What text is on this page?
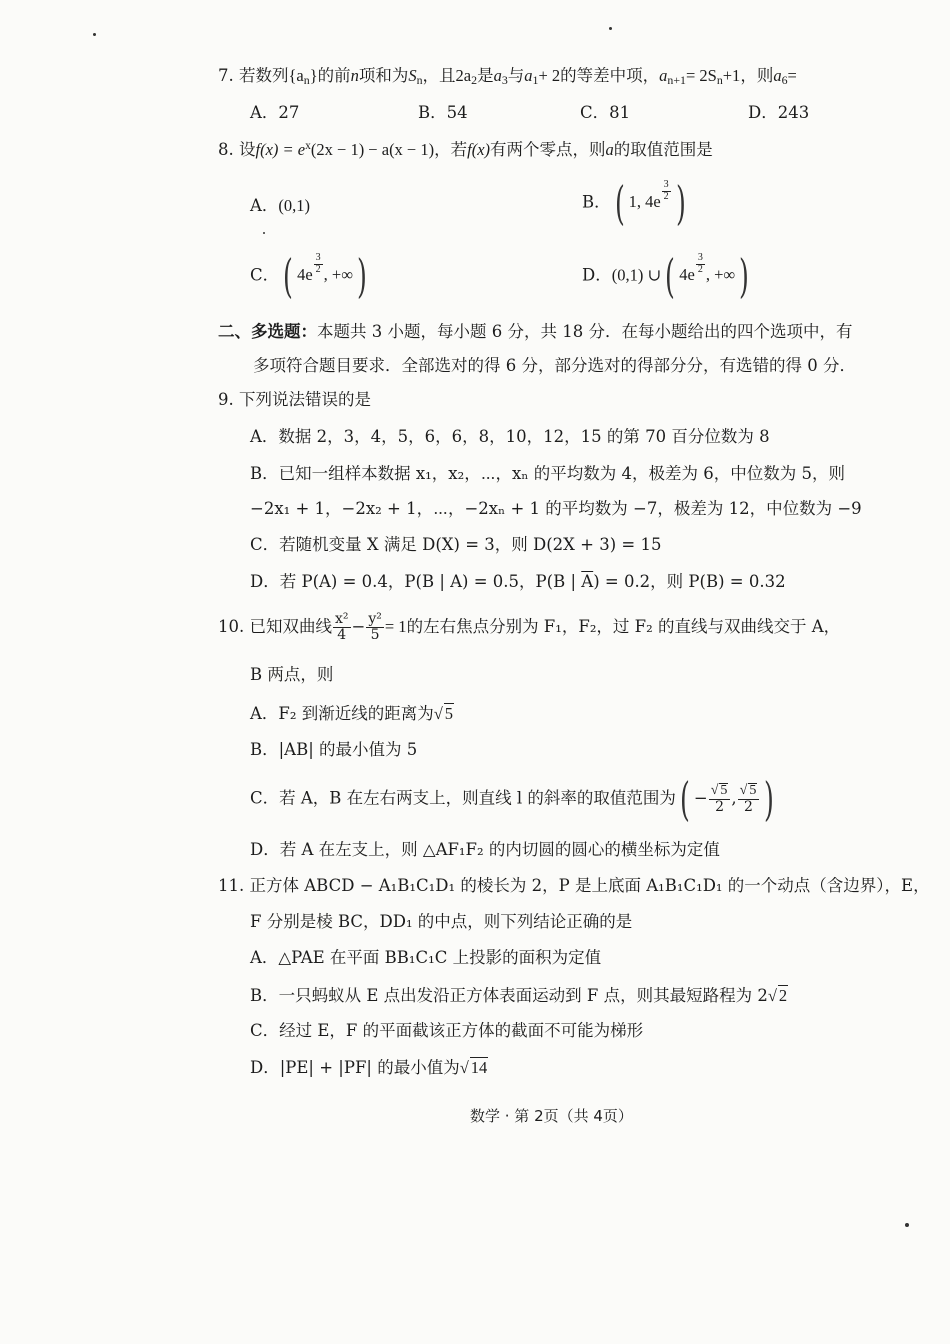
7. 若数列{an}的前n项和为Sn，且2a2是a3与a1+ 2的等差中项，an+1= 2Sn+1，则a6=
A．27	B．54	C．81	D．243
8. 设$f(x) = e^x(2x - 1) - a(x - 1)$，若f(x)有两个零点，则a的取值范围是
A．(0,1)	B．( 1, $4e \frac{3}{2}$ )
C．( $4e \frac{3}{2}$ , +∞)	D．(0,1) ∪( $4e \frac{3}{2}$ , +∞)
二、多选题：本题共 3 小题，每小题 6 分，共 18 分．在每小题给出的四个选项中，有
多项符合题目要求．全部选对的得 6 分，部分选对的得部分分，有选错的得 0 分．
9. 下列说法错误的是
A．数据 2，3，4，5，6，6，8，10，12，15 的第 70 百分位数为 8
B．已知一组样本数据 x₁，x₂，⋯，xₙ 的平均数为 4，极差为 6，中位数为 5，则
−2x₁ + 1，−2x₂ + 1，⋯，−2xₙ + 1 的平均数为 −7，极差为 12，中位数为 −9
C．若随机变量 X 满足 D(X) = 3，则 D(2X + 3) = 15
D．若 P(A) = 0.4，P(B | A) = 0.5，P(B | $\overline{A}) = 0.2$，则 P(B) = 0.32
10. 已知双曲线 $\frac{\text{x²}}{4} - \frac{\text{y²}}{5} = 1$的左右焦点分别为 F₁，F₂，过 F₂ 的直线与双曲线交于 A，
B 两点，则
A．F₂ 到渐近线的距离为√ 5
B．|AB| 的最小值为 5
C．若 A，B 在左右两支上，则直线 l 的斜率的取值范围为( − $\frac{√ 5}{2}$ , $\frac{√ 5}{2}$ )
D．若 A 在左支上，则 △AF₁F₂ 的内切圆的圆心的横坐标为定值
11. 正方体 ABCD − A₁B₁C₁D₁ 的棱长为 2，P 是上底面 A₁B₁C₁D₁ 的一个动点（含边界），E，
F 分别是棱 BC，DD₁ 的中点，则下列结论正确的是
A．△PAE 在平面 BB₁C₁C 上投影的面积为定值
B．一只蚂蚁从 E 点出发沿正方体表面运动到 F 点，则其最短路程为 2√ 2
C．经过 E，F 的平面截该正方体的截面不可能为梯形
D．|PE| + |PF| 的最小值为√ 14
数学 · 第 2页（共 4页）
